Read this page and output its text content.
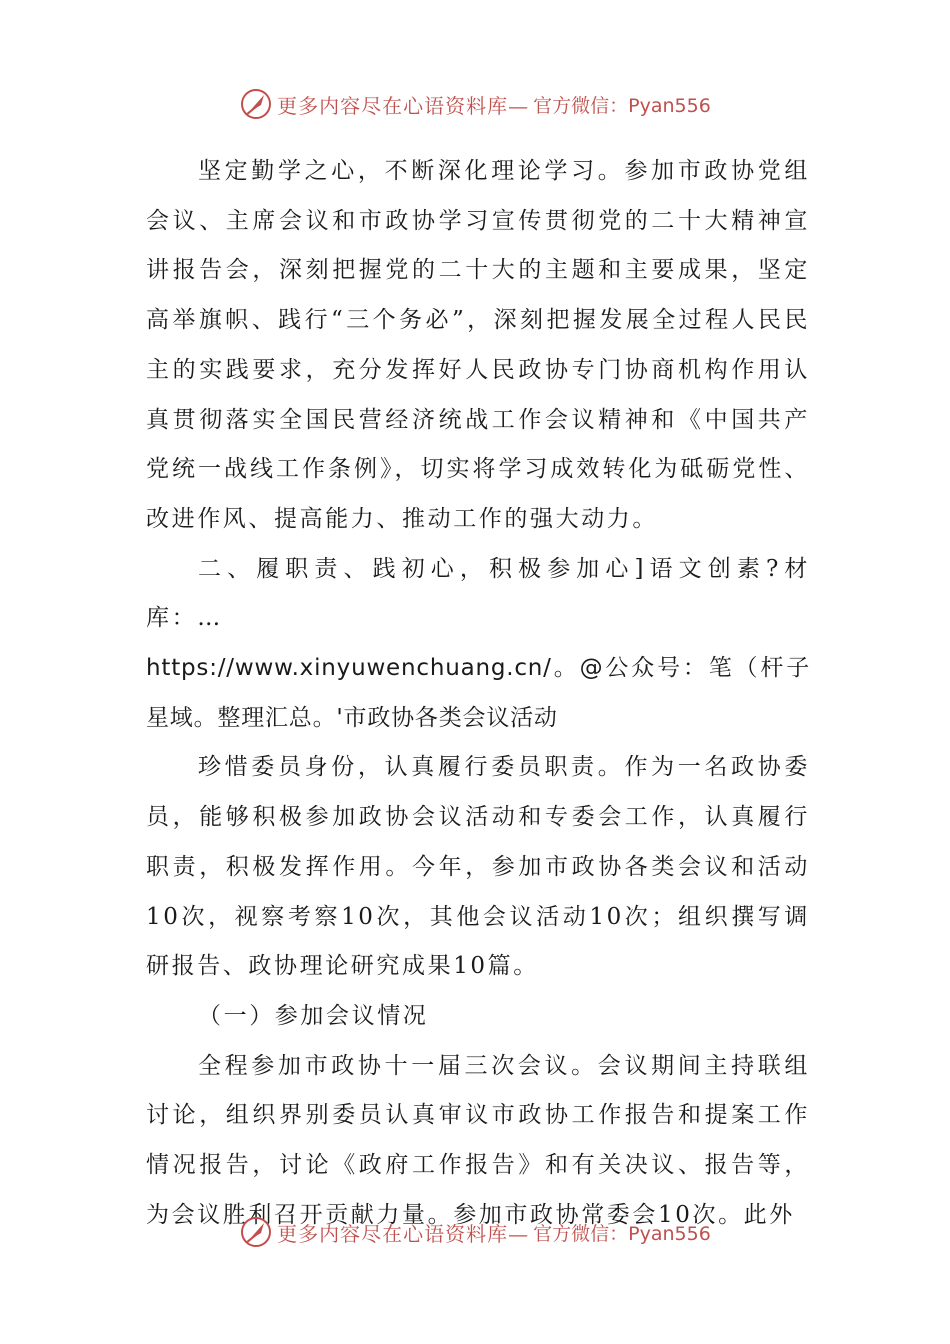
更多内容尽在心语资料库— 官方微信：Pyan556

坚定勤学之心，不断深化理论学习。参加市政协党组会议、主席会议和市政协学习宣传贯彻党的二十大精神宣讲报告会，深刻把握党的二十大的主题和主要成果，坚定高举旗帜、践行“三个务必”，深刻把握发展全过程人民民主的实践要求，充分发挥好人民政协专门协商机构作用认真贯彻落实全国民营经济统战工作会议精神和《中国共产党统一战线工作条例》，切实将学习成效转化为砥砺党性、改进作风、提高能力、推动工作的强大动力。

二、履职责、践初心，积极参加心]语文创素?材库：…

https://www.xinyuwenchuang.cn/。@公众号：笔（杆子星域。整理汇总。'市政协各类会议活动

珍惜委员身份，认真履行委员职责。作为一名政协委员，能够积极参加政协会议活动和专委会工作，认真履行职责，积极发挥作用。今年，参加市政协各类会议和活动10次，视察考察10次，其他会议活动10次；组织撰写调研报告、政协理论研究成果10篇。

（一）参加会议情况

全程参加市政协十一届三次会议。会议期间主持联组讨论，组织界别委员认真审议市政协工作报告和提案工作情况报告，讨论《政府工作报告》和有关决议、报告等，为会议胜利召开贡献力量。参加市政协常委会10次。此外

更多内容尽在心语资料库— 官方微信：Pyan556
